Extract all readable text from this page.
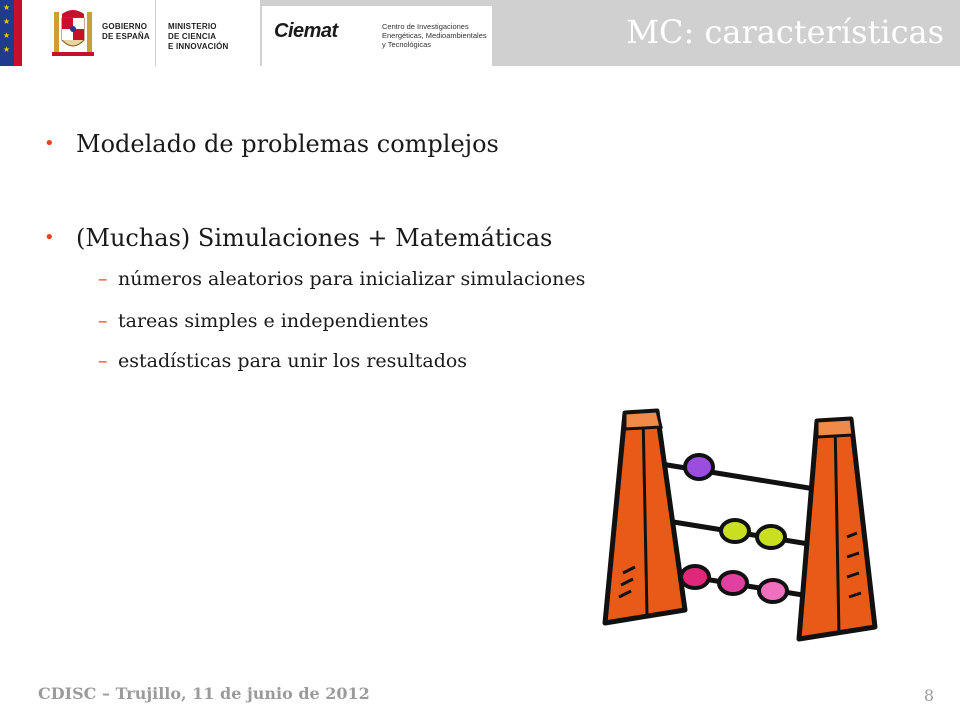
★
★
★
★
GOBIERNO
DE ESPAÑA
MINISTERIO
DE CIENCIA
E INNOVACIÓN
Ciemat	Centro de Investigaciones
Energéticas, Medioambientales
y Tecnológicas	MC: características
• Modelado de problemas complejos
• (Muchas) Simulaciones + Matemáticas
– números aleatorios para inicializar simulaciones
– tareas simples e independientes
– estadísticas para unir los resultados
CDISC – Trujillo, 11 de junio de 2012	8
